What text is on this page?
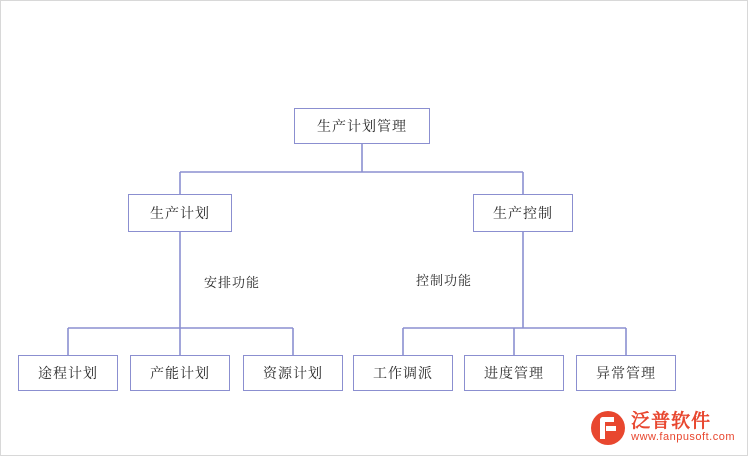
生产计划管理
生产计划	生产控制
安排功能	控制功能
途程计划	产能计划	资源计划	工作调派	进度管理	异常管理
泛普软件
www.fanpusoft.com
